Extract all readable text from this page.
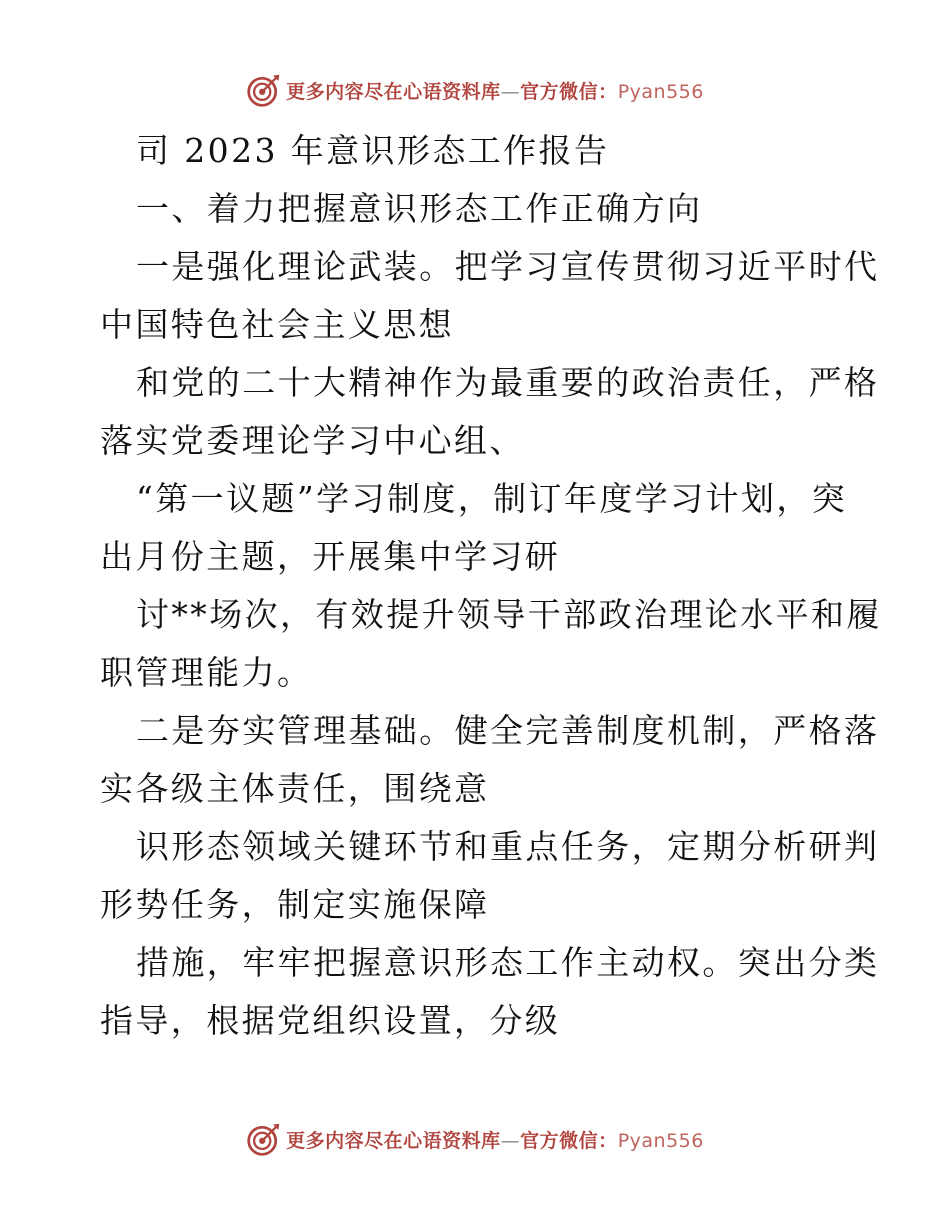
更多内容尽在心语资料库—官方微信：Pyan556
司 2023 年意识形态工作报告
一、着力把握意识形态工作正确方向
一是强化理论武装。把学习宣传贯彻习近平时代
中国特色社会主义思想
和党的二十大精神作为最重要的政治责任，严格
落实党委理论学习中心组、
“第一议题”学习制度，制订年度学习计划，突
出月份主题，开展集中学习研
讨**场次，有效提升领导干部政治理论水平和履
职管理能力。
二是夯实管理基础。健全完善制度机制，严格落
实各级主体责任，围绕意
识形态领域关键环节和重点任务，定期分析研判
形势任务，制定实施保障
措施，牢牢把握意识形态工作主动权。突出分类
指导，根据党组织设置，分级
更多内容尽在心语资料库—官方微信：Pyan556
